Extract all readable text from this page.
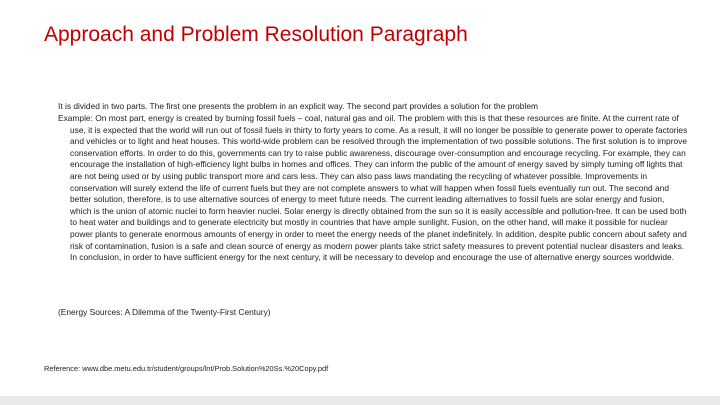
Approach and Problem Resolution Paragraph

It is divided in two parts. The first one presents the problem in an explicit way. The second part provides a solution for the problem

Example: On most part, energy is created by burning fossil fuels – coal, natural gas and oil. The problem with this is that these resources are finite. At the current rate of use, it is expected that the world will run out of fossil fuels in thirty to forty years to come. As a result, it will no longer be possible to generate power to operate factories and vehicles or to light and heat houses. This world-wide problem can be resolved through the implementation of two possible solutions. The first solution is to improve conservation efforts. In order to do this, governments can try to raise public awareness, discourage over-consumption and encourage recycling. For example, they can encourage the installation of high-efficiency light bulbs in homes and offices. They can inform the public of the amount of energy saved by simply turning off lights that are not being used or by using public transport more and cars less. They can also pass laws mandating the recycling of whatever possible. Improvements in conservation will surely extend the life of current fuels but they are not complete answers to what will happen when fossil fuels eventually run out. The second and better solution, therefore, is to use alternative sources of energy to meet future needs. The current leading alternatives to fossil fuels are solar energy and fusion, which is the union of atomic nuclei to form heavier nuclei. Solar energy is directly obtained from the sun so it is easily accessible and pollution-free. It can be used both to heat water and buildings and to generate electricity but mostly in countries that have ample sunlight. Fusion, on the other hand, will make it possible for nuclear power plants to generate enormous amounts of energy in order to meet the energy needs of the planet indefinitely. In addition, despite public concern about safety and risk of contamination, fusion is a safe and clean source of energy as modern power plants take strict safety measures to prevent potential nuclear disasters and leaks. In conclusion, in order to have sufficient energy for the next century, it will be necessary to develop and encourage the use of alternative energy sources worldwide.

(Energy Sources: A Dilemma of the Twenty-First Century)

Reference: www.dbe.metu.edu.tr/student/groups/lnt/Prob.Solution%20Ss.%20Copy.pdf
